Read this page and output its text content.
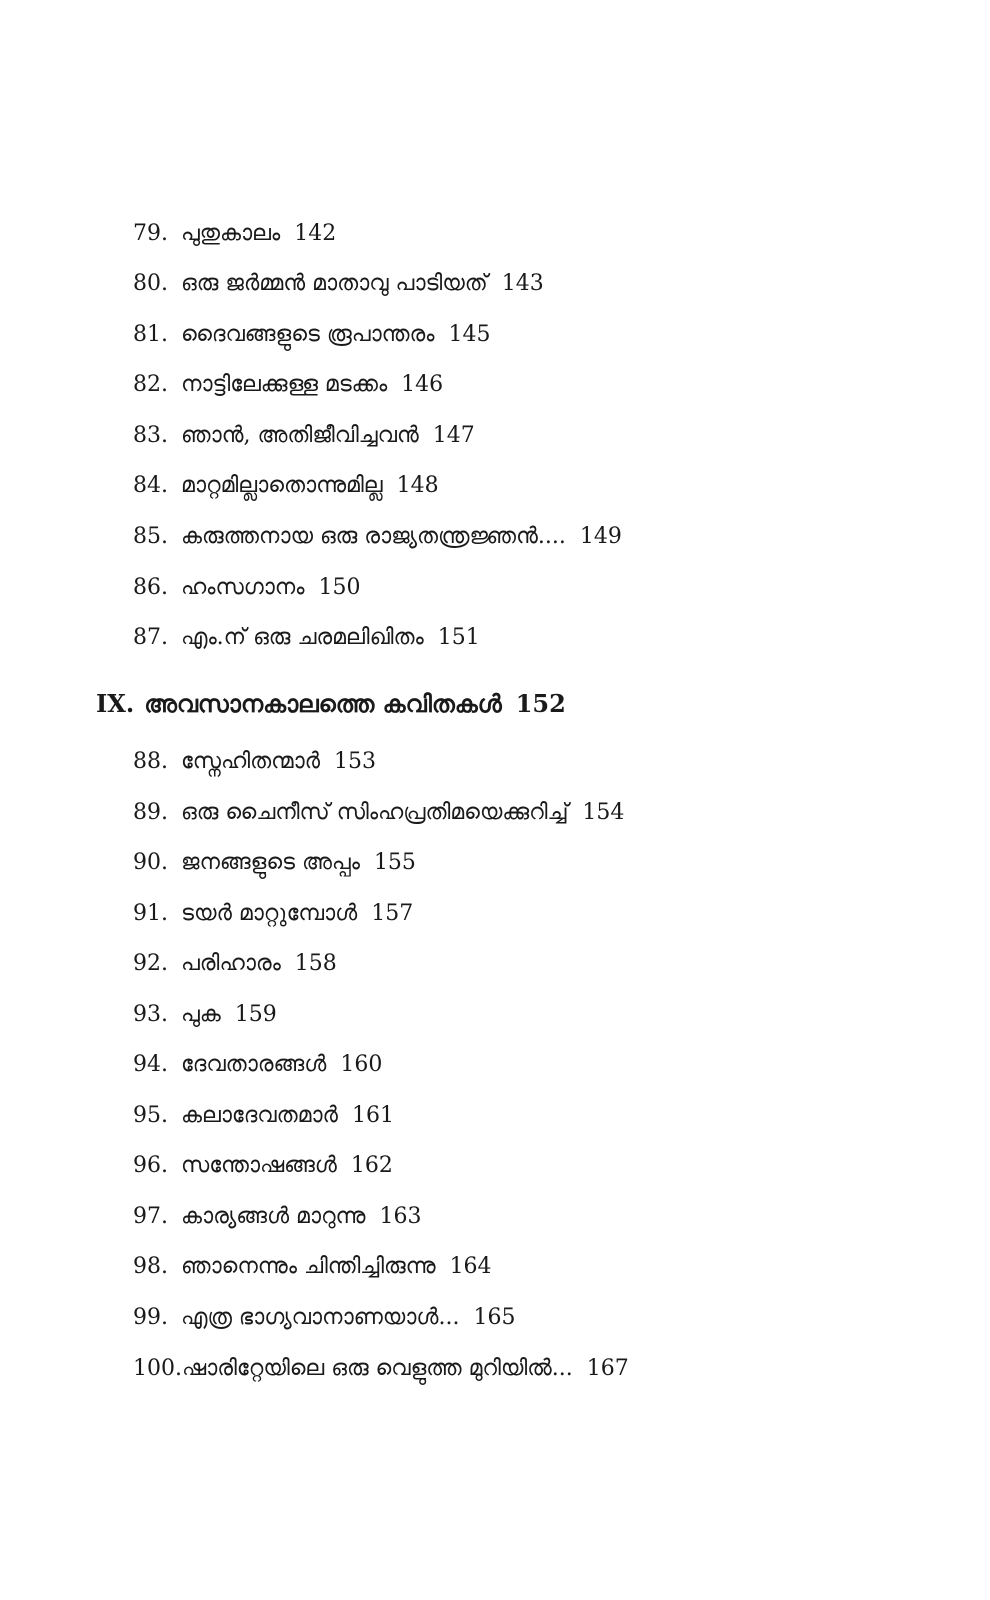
79. പുതുകാലം 142
80. ഒരു ജർമ്മൻ മാതാവു പാടിയത് 143
81. ദൈവങ്ങളുടെ രൂപാന്തരം 145
82. നാട്ടിലേക്കുള്ള മടക്കം 146
83. ഞാൻ, അതിജീവിച്ചവൻ 147
84. മാറ്റമില്ലാതൊന്നുമില്ല 148
85. കരുത്തനായ ഒരു രാജ്യതന്ത്രജ്ഞൻ.... 149
86. ഹംസഗാനം 150
87. എം.ന് ഒരു ചരമലിഖിതം 151
IX. അവസാനകാലത്തെ കവിതകൾ 152
88. സ്നേഹിതന്മാർ 153
89. ഒരു ചൈനീസ് സിംഹപ്രതിമയെക്കുറിച്ച് 154
90. ജനങ്ങളുടെ അപ്പം 155
91. ടയർ മാറ്റുമ്പോൾ 157
92. പരിഹാരം 158
93. പുക 159
94. ദേവതാരങ്ങൾ 160
95. കലാദേവതമാർ 161
96. സന്തോഷങ്ങൾ 162
97. കാര്യങ്ങൾ മാറുന്നു 163
98. ഞാനെന്നും ചിന്തിച്ചിരുന്നു 164
99. എത്ര ഭാഗ്യവാനാണയാൾ... 165
100.ഷാരിറ്റേയിലെ ഒരു വെളുത്ത മുറിയിൽ... 167
